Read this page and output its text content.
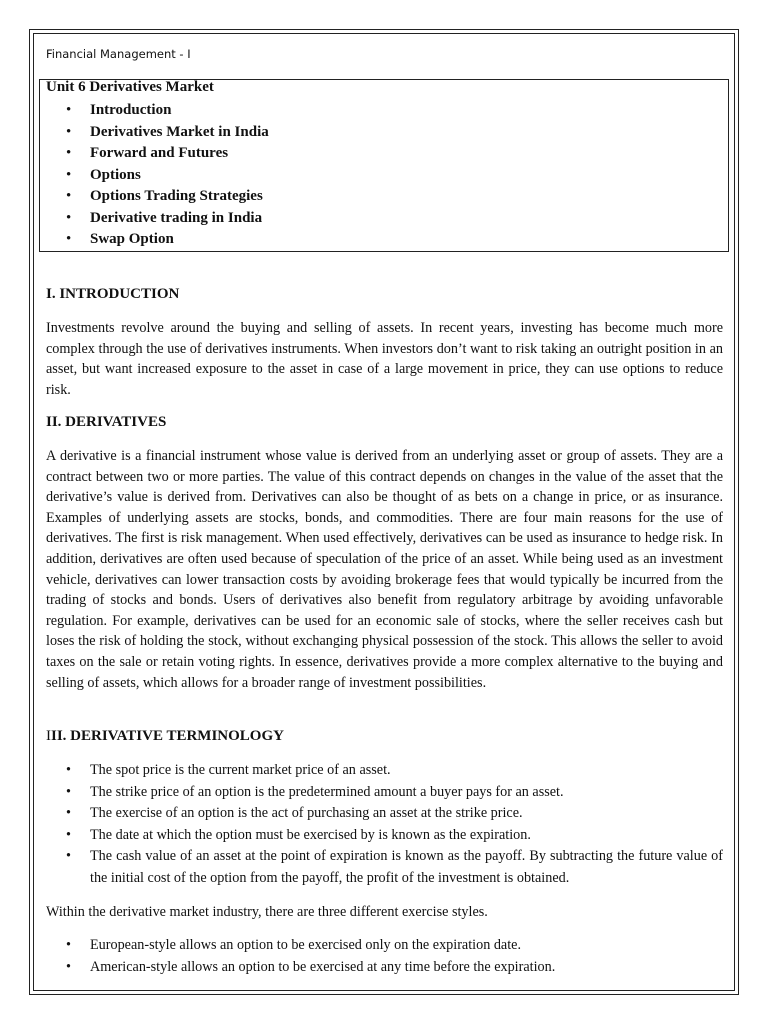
Financial Management - I
Unit 6 Derivatives Market
• Introduction
• Derivatives Market in India
• Forward and Futures
• Options
• Options Trading Strategies
• Derivative trading in India
• Swap Option
I. INTRODUCTION

Investments revolve around the buying and selling of assets. In recent years, investing has become much more complex through the use of derivatives instruments. When investors don’t want to risk taking an outright position in an asset, but want increased exposure to the asset in case of a large movement in price, they can use options to reduce risk.

II. DERIVATIVES

A derivative is a financial instrument whose value is derived from an underlying asset or group of assets. They are a contract between two or more parties. The value of this contract depends on changes in the value of the asset that the derivative’s value is derived from. Derivatives can also be thought of as bets on a change in price, or as insurance. Examples of underlying assets are stocks, bonds, and commodities. There are four main reasons for the use of derivatives. The first is risk management. When used effectively, derivatives can be used as insurance to hedge risk. In addition, derivatives are often used because of speculation of the price of an asset. While being used as an investment vehicle, derivatives can lower transaction costs by avoiding brokerage fees that would typically be incurred from the trading of stocks and bonds. Users of derivatives also benefit from regulatory arbitrage by avoiding unfavorable regulation. For example, derivatives can be used for an economic sale of stocks, where the seller receives cash but loses the risk of holding the stock, without exchanging physical possession of the stock. This allows the seller to avoid taxes on the sale or retain voting rights. In essence, derivatives provide a more complex alternative to the buying and selling of assets, which allows for a broader range of investment possibilities.

III. DERIVATIVE TERMINOLOGY
• The spot price is the current market price of an asset.
• The strike price of an option is the predetermined amount a buyer pays for an asset.
• The exercise of an option is the act of purchasing an asset at the strike price.
• The date at which the option must be exercised by is known as the expiration.
• The cash value of an asset at the point of expiration is known as the payoff. By subtracting the future value of the initial cost of the option from the payoff, the profit of the investment is obtained.

Within the derivative market industry, there are three different exercise styles.

• European-style allows an option to be exercised only on the expiration date.
• American-style allows an option to be exercised at any time before the expiration.
